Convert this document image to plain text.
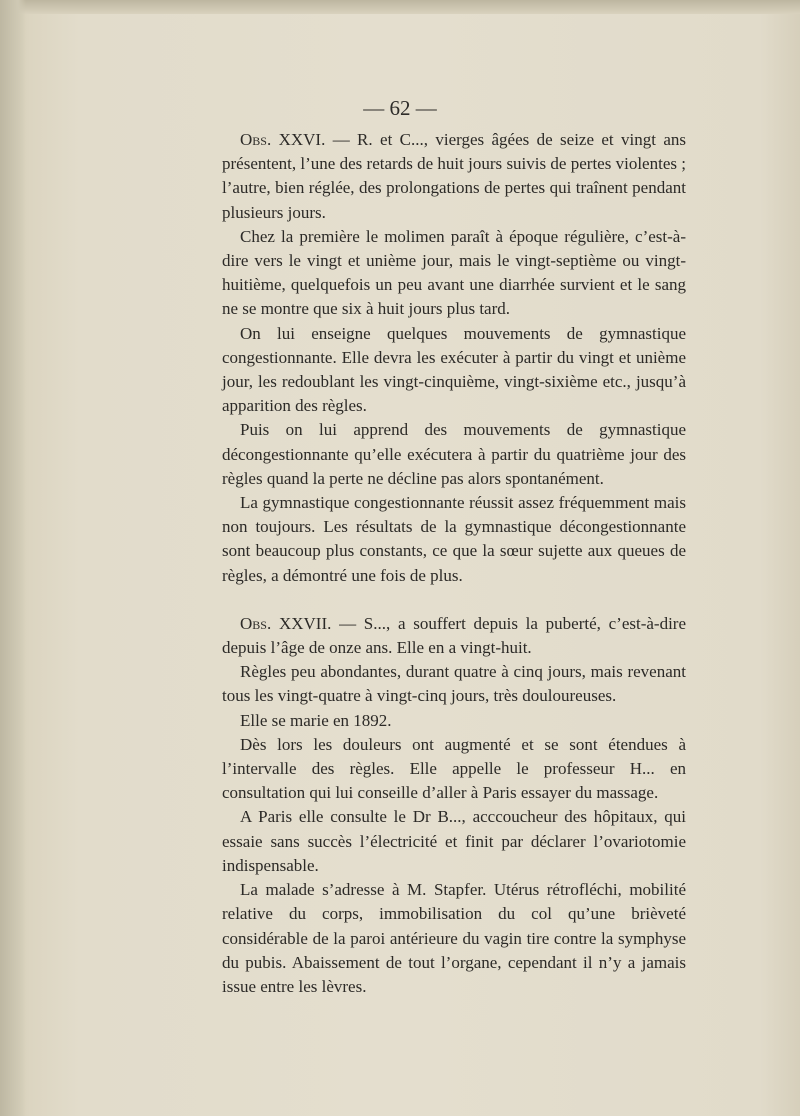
— 62 —

Obs. XXVI. — R. et C..., vierges âgées de seize et vingt ans présentent, l’une des retards de huit jours suivis de pertes violentes ; l’autre, bien réglée, des prolongations de pertes qui traînent pendant plusieurs jours.

Chez la première le molimen paraît à époque régulière, c’est-à-dire vers le vingt et unième jour, mais le vingt-septième ou vingt-huitième, quelquefois un peu avant une diarrhée survient et le sang ne se montre que six à huit jours plus tard.

On lui enseigne quelques mouvements de gymnastique congestionnante. Elle devra les exécuter à partir du vingt et unième jour, les redoublant les vingt-cinquième, vingt-sixième etc., jusqu’à apparition des règles.

Puis on lui apprend des mouvements de gymnastique décongestionnante qu’elle exécutera à partir du quatrième jour des règles quand la perte ne décline pas alors spontanément.

La gymnastique congestionnante réussit assez fréquemment mais non toujours. Les résultats de la gymnastique décongestionnante sont beaucoup plus constants, ce que la sœur sujette aux queues de règles, a démontré une fois de plus.

Obs. XXVII. — S..., a souffert depuis la puberté, c’est-à-dire depuis l’âge de onze ans. Elle en a vingt-huit.

Règles peu abondantes, durant quatre à cinq jours, mais revenant tous les vingt-quatre à vingt-cinq jours, très douloureuses.

Elle se marie en 1892.

Dès lors les douleurs ont augmenté et se sont étendues à l’intervalle des règles. Elle appelle le professeur H... en consultation qui lui conseille d’aller à Paris essayer du massage.

A Paris elle consulte le Dr B..., acccoucheur des hôpitaux, qui essaie sans succès l’électricité et finit par déclarer l’ovariotomie indispensable.

La malade s’adresse à M. Stapfer. Utérus rétrofléchi, mobilité relative du corps, immobilisation du col qu’une brièveté considérable de la paroi antérieure du vagin tire contre la symphyse du pubis. Abaissement de tout l’organe, cependant il n’y a jamais issue entre les lèvres.
